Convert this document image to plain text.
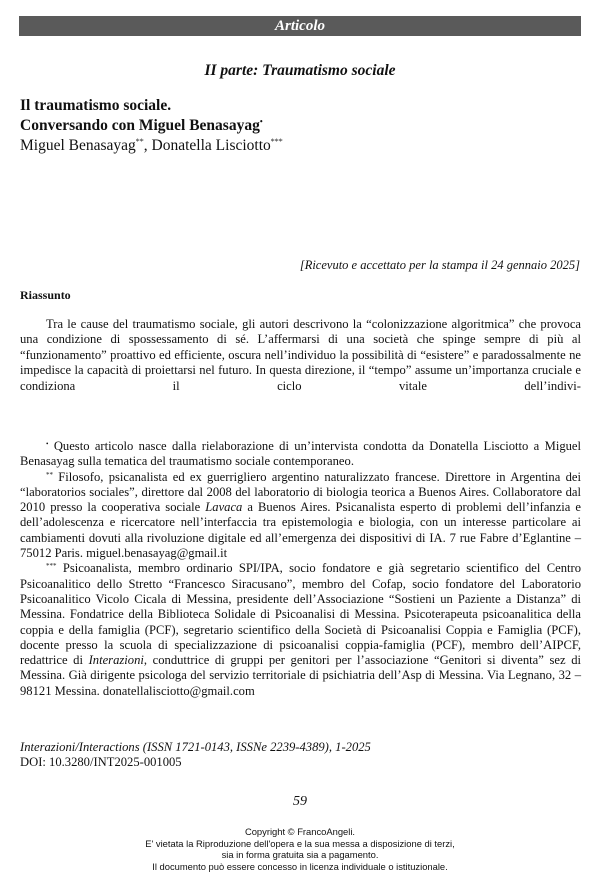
Articolo
II parte: Traumatismo sociale
Il traumatismo sociale.
Conversando con Miguel Benasayag•
Miguel Benasayag**, Donatella Lisciotto***
[Ricevuto e accettato per la stampa il 24 gennaio 2025]
Riassunto

Tra le cause del traumatismo sociale, gli autori descrivono la “colonizzazione algoritmica” che provoca una condizione di spossessamento di sé. L’affermarsi di una società che spinge sempre di più al “funzionamento” proattivo ed efficiente, oscura nell’individuo la possibilità di “esistere” e paradossalmente ne impedisce la capacità di proiettarsi nel futuro. In questa direzione, il “tempo” assume un’importanza cruciale e condiziona il ciclo vitale dell’indivi-

• Questo articolo nasce dalla rielaborazione di un’intervista condotta da Donatella Lisciotto a Miguel Benasayag sulla tematica del traumatismo sociale contemporaneo.

** Filosofo, psicanalista ed ex guerrigliero argentino naturalizzato francese. Direttore in Argentina dei “laboratorios sociales”, direttore dal 2008 del laboratorio di biologia teorica a Buenos Aires. Collaboratore dal 2010 presso la cooperativa sociale Lavaca a Buenos Aires. Psicanalista esperto di problemi dell’infanzia e dell’adolescenza e ricercatore nell’interfaccia tra epistemologia e biologia, con un interesse particolare ai cambiamenti dovuti alla rivoluzione digitale ed all’emergenza dei dispositivi di IA. 7 rue Fabre d’Eglantine – 75012 Paris. miguel.benasayag@gmail.it

*** Psicoanalista, membro ordinario SPI/IPA, socio fondatore e già segretario scientifico del Centro Psicoanalitico dello Stretto “Francesco Siracusano”, membro del Cofap, socio fondatore del Laboratorio Psicoanalitico Vicolo Cicala di Messina, presidente dell’Associazione “Sostieni un Paziente a Distanza” di Messina. Fondatrice della Biblioteca Solidale di Psicoanalisi di Messina. Psicoterapeuta psicoanalitica della coppia e della famiglia (PCF), segretario scientifico della Società di Psicoanalisi Coppia e Famiglia (PCF), docente presso la scuola di specializzazione di psicoanalisi coppia-famiglia (PCF), membro dell’AIPCF, redattrice di Interazioni, conduttrice di gruppi per genitori per l’associazione “Genitori si diventa” sez di Messina. Già dirigente psicologa del servizio territoriale di psichiatria dell’Asp di Messina. Via Legnano, 32 – 98121 Messina. donatellalisciotto@gmail.com

Interazioni/Interactions (ISSN 1721-0143, ISSNe 2239-4389), 1-2025
DOI: 10.3280/INT2025-001005
59
Copyright © FrancoAngeli.
E' vietata la Riproduzione dell'opera e la sua messa a disposizione di terzi,
sia in forma gratuita sia a pagamento.
Il documento può essere concesso in licenza individuale o istituzionale.
